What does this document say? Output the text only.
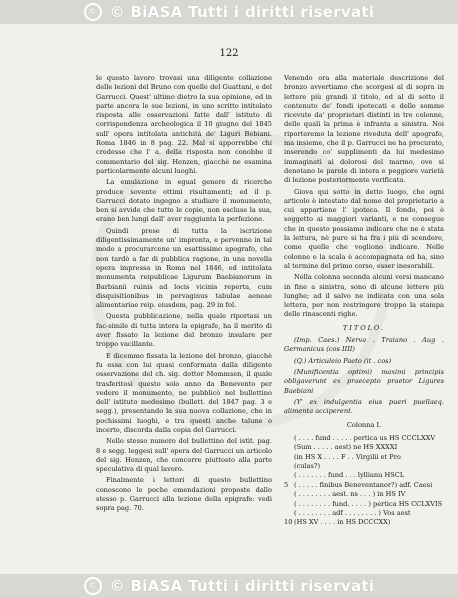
© © BiASA Tutti i diritti riservati
122

le questo lavoro trovasi una diligente collazione delle lezioni del Bruno con quelle del Guattani, e del Garrucci. Quest' ultimo dietro la sua opinione, ed in parte ancora le sue lezioni, in uno scritto intitolato risposta alle osservazioni fatte dall' istituto di corrispondenza archeologica il 10 giugno del 1845 sull' opera intitolata antichità de' Liguri Bebiani. Roma 1846 in 8 pag. 22. Mal si apporrebbe chi credesse che l' a. della risposta non conobbe il commentario del sig. Henzen, giacchè ne esamina particolarmente alcuni luoghi.

La emulazione in egual genere di ricerche produce sovente ottimi risultamenti; ed il p. Garrucci dotato ingegno a studiare il monumento, ben si avvide che tutte le copie, non escluse la sua, erano ben lungi dall' aver raggiunta la perfezione.

Quindi prese di tutta la iscrizione diligentissimamente un' impronta, e pervenne in tal modo a procurarcene un esattissimo apografo, che non tardò a far di pubblica ragione, in una novella opera impressa in Roma nel 1846, ed intitolata monumenta reipublicae Ligurum Baebianorum in Barbianii ruinis ad locis vicinis reperta, cum disquisitionibus in pervaginus tabulae aeneae alimentariae reip. eiusdem, pag. 29 in fol.

Questa pubblicazione, nella quale riportasi un fac-simile di tutta intera la epigrafe, ha il merito di aver fissato la lezione del bronzo insulare per troppo vacillante.

E dicemmo fissata la lezione del bronzo, giacchè fu essa con lui quasi conformata dalla diligente osservazione del ch. sig. dottor Mommsen, il quale trasferitosi questo solo anno da Benevento per vedere il monumento, ne pubblicò nel bullettino dell' istituto medesimo (bullett. del 1847 pag. 3 e segg.), presentando la sua nuova collazione, che in pochissimi luoghi, e tra questi anche talune o incerto, discorda dalla copia del Garrucci.

Nello stesso numero del bullettino del istit. pag. 8 e segg. leggesi sull' opera del Garrucci un articolo del sig. Henzen, che concorre piuttosto alla parte speculativa di qual lavoro.

Finalmente i lettori di questo bullettino conoscono le poche emendazioni proposte dallo stesso p. Garrucci alla lezione della epigrafe: vedi sopra pag. 70.

Venendo ora alla materiale descrizione del bronzo avvertiamo che scorgesi al di sopra in lettere più grandi il titolo, ed al di sotto il contenuto de' fondi ipotecati e delle somme ricevute da' proprietari distinti in tre colonne, delle quali la prima è infranta a sinistra. Noi riporteremo la lezione riveduta dell' apografo, ma insieme, che il p. Garrucci ne ha procurato, inserendo co' supplimenti da lui medesimo immaginati ai dolorosi del marmo, ove si denotano le parole di intera e peggiore varietà di lezione posteriormente verificata.

Giova qui sotto in detto luogo, che ogni articolo è intestato dal nome del proprietario a cui appartiene l' ipoteca. Il fondo, poi è soggetto ai maggiori varianti, e ne consegue che in questo possiamo indicare che ne è stata la lettura, nè puro si ha fra i più di scendere, come quelle che vogliono indicare. Nelle colonne e la scala è accompagnata ed ha, sino al termine del primo corso, esser inesorabili.

Nella colonna seconda alcuni versi mancano in fine a sinistra, sono di alcune lettere più lunghe; ad il salvo ne indicata con una sola lettera, per non restringere troppo la stampa delle rinascenti righe.

TITOLO.

(Imp. Caes.) Nerva . Traiano . Aug . Germanicus (cos IIII)

(Q.) Articuleio Paeto (it . cos)

(Munificentia optimi) maximi principis obligaverunt ex praecepto praetor Ligures Baebiani

(Y' ex indulgentia eius pueri puellaeq. alimenta acciperent.

Colonna I.
( . . . . fund . . . . . pertica us HS CCCLXXV
(Sum . . . . . aest) ne HS XXXXI
(in HS X . . . . F . . Virgilii et Pro
(culas?)
( . . . . . . . fund . . . lyllianu HSCL
5 ( . . . . . finibus Beneventanor?) adf. Caesi
( . . . . . . . . aest. ns . . . ) in HS IV
( . . . . . . . . fund. . . . . ) pertica HS CCLXVIS
( . . . . . . . . adf . . . . . . . . ) Vos aest
10 (HS XV . . . . in HS DCCCXX)
© © BiASA Tutti i diritti riservati
